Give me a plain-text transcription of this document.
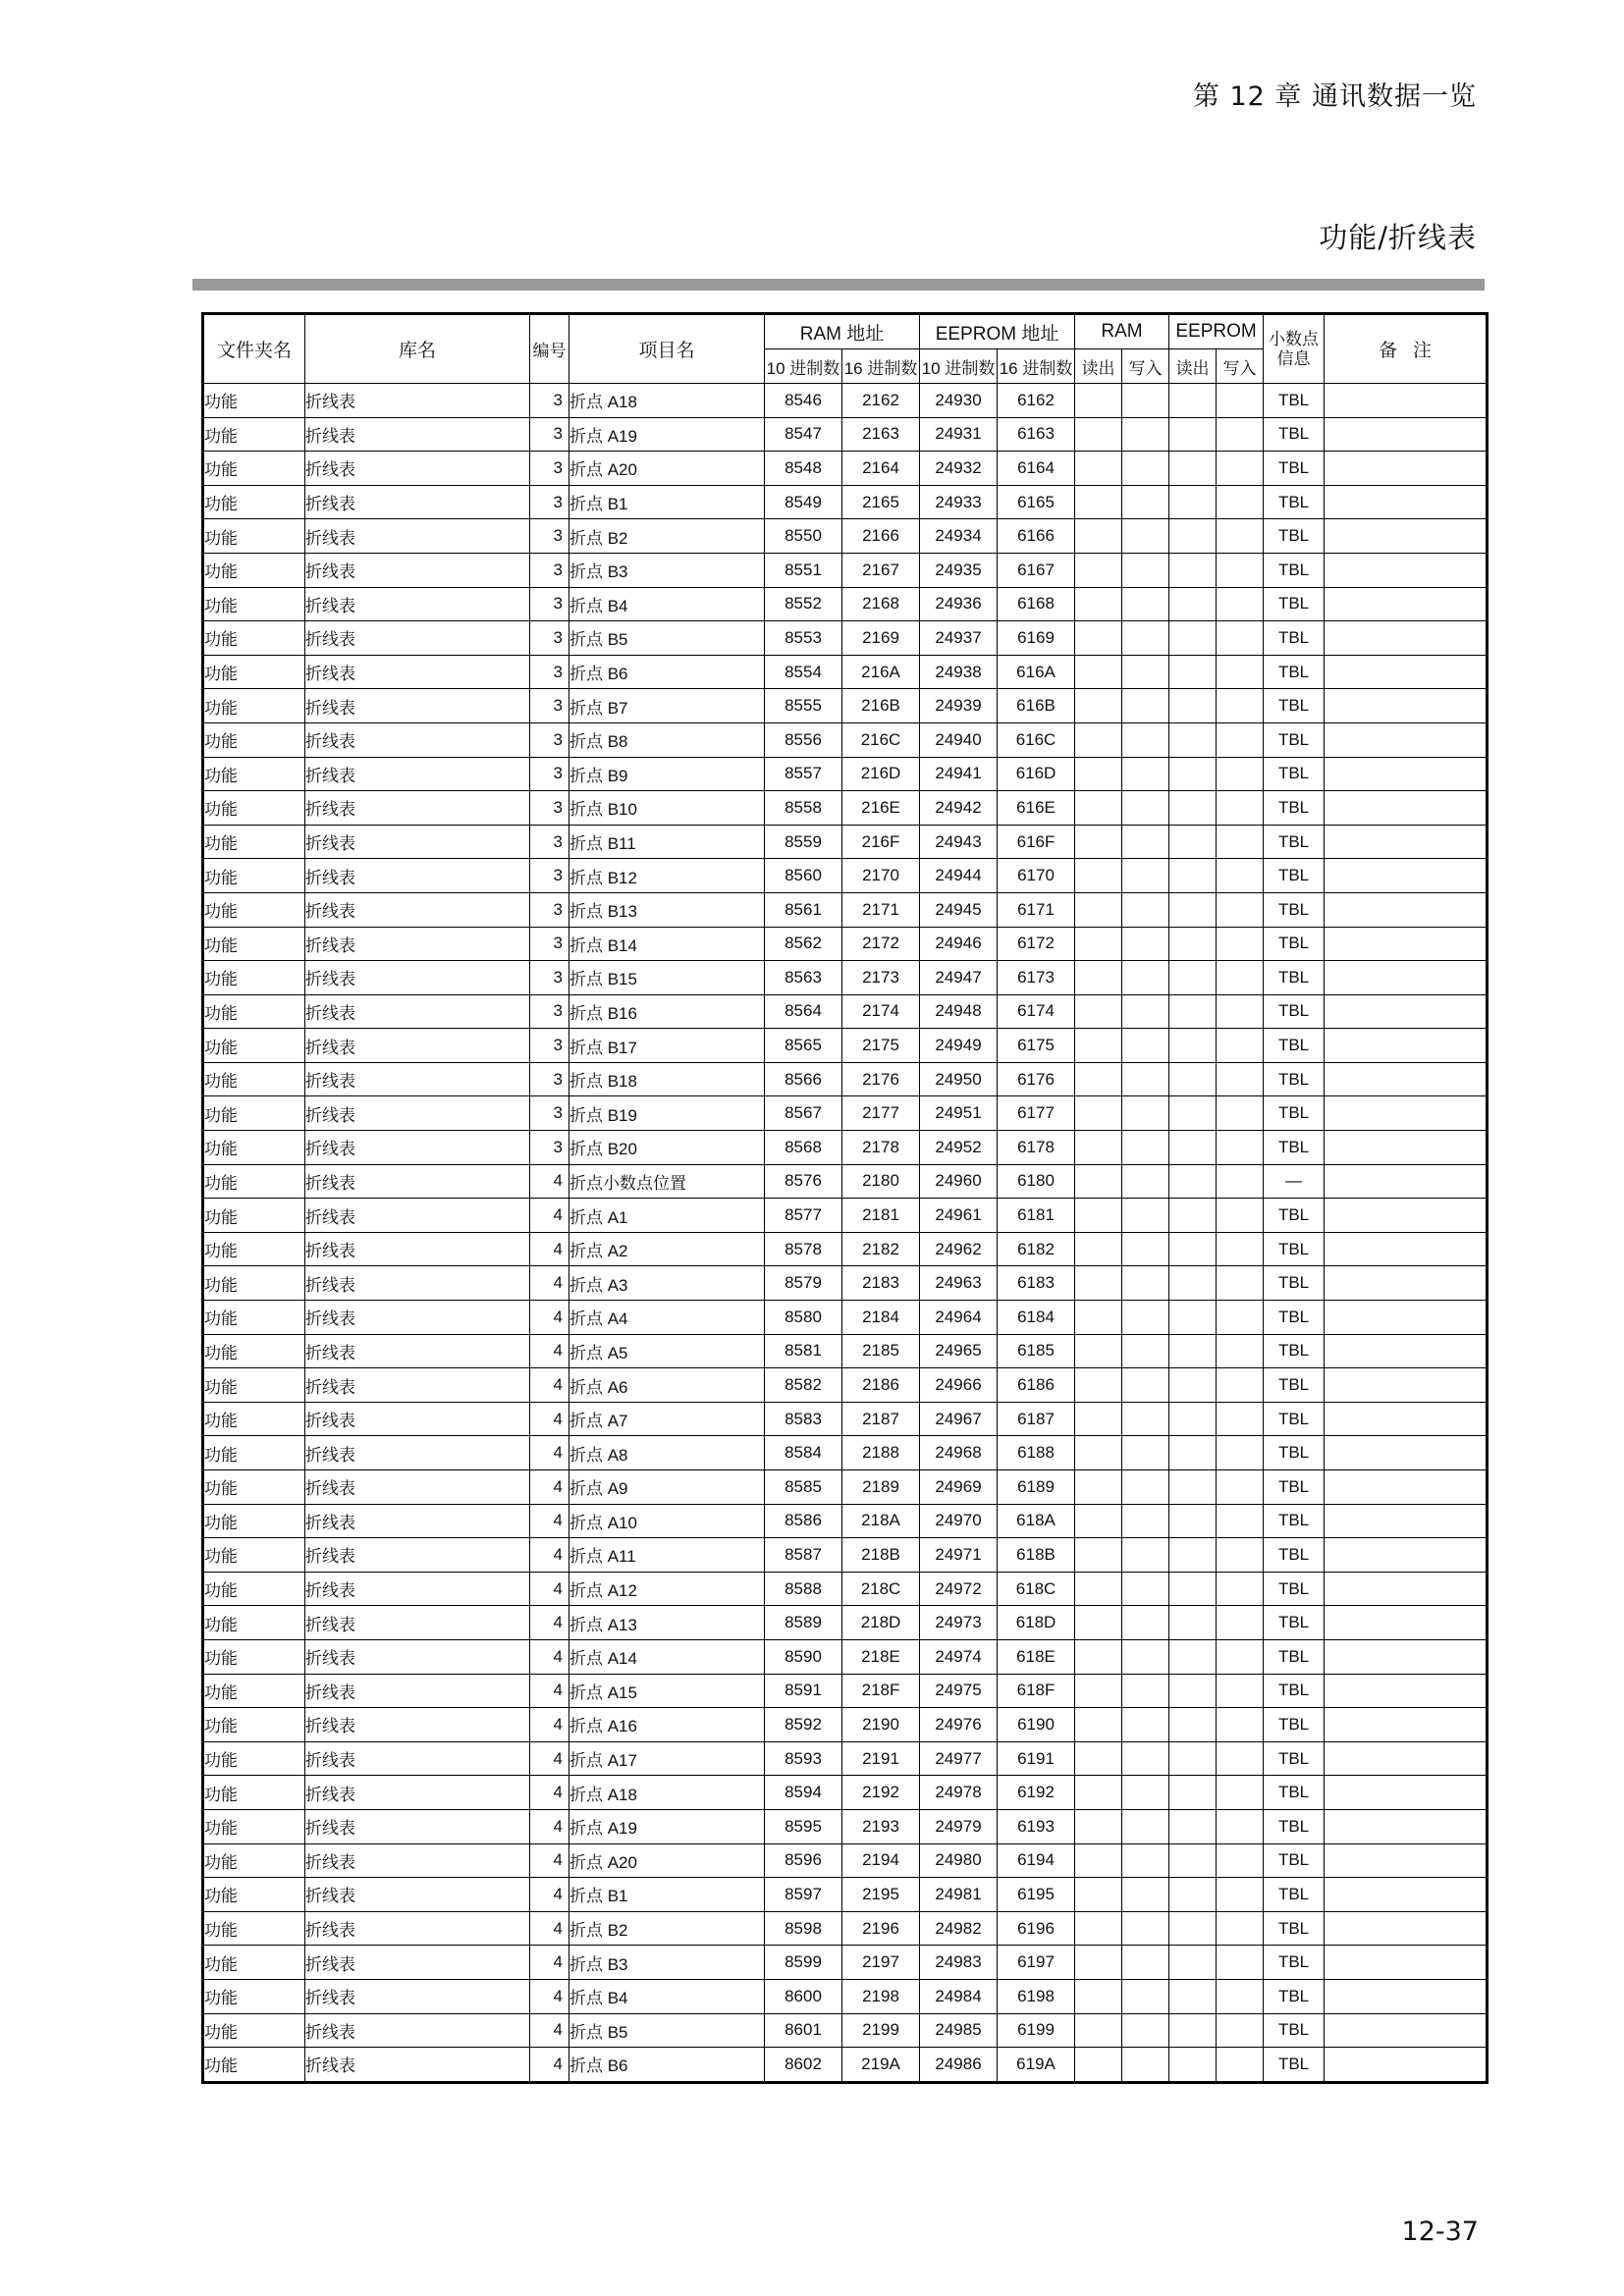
第 12 章 通讯数据一览
功能/折线表
文件夹名	库名	编号	项目名	RAM 地址		EEPROM 地址		RAM		EEPROM		小数点
信息	备   注
				10 进制数	16 进制数	10 进制数	16 进制数	读出	写入	读出	写入		
功能	折线表	3	折点 A18	8546	2162	24930	6162					TBL	
功能	折线表	3	折点 A19	8547	2163	24931	6163					TBL	
功能	折线表	3	折点 A20	8548	2164	24932	6164					TBL	
功能	折线表	3	折点 B1	8549	2165	24933	6165					TBL	
功能	折线表	3	折点 B2	8550	2166	24934	6166					TBL	
功能	折线表	3	折点 B3	8551	2167	24935	6167					TBL	
功能	折线表	3	折点 B4	8552	2168	24936	6168					TBL	
功能	折线表	3	折点 B5	8553	2169	24937	6169					TBL	
功能	折线表	3	折点 B6	8554	216A	24938	616A					TBL	
功能	折线表	3	折点 B7	8555	216B	24939	616B					TBL	
功能	折线表	3	折点 B8	8556	216C	24940	616C					TBL	
功能	折线表	3	折点 B9	8557	216D	24941	616D					TBL	
功能	折线表	3	折点 B10	8558	216E	24942	616E					TBL	
功能	折线表	3	折点 B11	8559	216F	24943	616F					TBL	
功能	折线表	3	折点 B12	8560	2170	24944	6170					TBL	
功能	折线表	3	折点 B13	8561	2171	24945	6171					TBL	
功能	折线表	3	折点 B14	8562	2172	24946	6172					TBL	
功能	折线表	3	折点 B15	8563	2173	24947	6173					TBL	
功能	折线表	3	折点 B16	8564	2174	24948	6174					TBL	
功能	折线表	3	折点 B17	8565	2175	24949	6175					TBL	
功能	折线表	3	折点 B18	8566	2176	24950	6176					TBL	
功能	折线表	3	折点 B19	8567	2177	24951	6177					TBL	
功能	折线表	3	折点 B20	8568	2178	24952	6178					TBL	
功能	折线表	4	折点小数点位置	8576	2180	24960	6180					—	
功能	折线表	4	折点 A1	8577	2181	24961	6181					TBL	
功能	折线表	4	折点 A2	8578	2182	24962	6182					TBL	
功能	折线表	4	折点 A3	8579	2183	24963	6183					TBL	
功能	折线表	4	折点 A4	8580	2184	24964	6184					TBL	
功能	折线表	4	折点 A5	8581	2185	24965	6185					TBL	
功能	折线表	4	折点 A6	8582	2186	24966	6186					TBL	
功能	折线表	4	折点 A7	8583	2187	24967	6187					TBL	
功能	折线表	4	折点 A8	8584	2188	24968	6188					TBL	
功能	折线表	4	折点 A9	8585	2189	24969	6189					TBL	
功能	折线表	4	折点 A10	8586	218A	24970	618A					TBL	
功能	折线表	4	折点 A11	8587	218B	24971	618B					TBL	
功能	折线表	4	折点 A12	8588	218C	24972	618C					TBL	
功能	折线表	4	折点 A13	8589	218D	24973	618D					TBL	
功能	折线表	4	折点 A14	8590	218E	24974	618E					TBL	
功能	折线表	4	折点 A15	8591	218F	24975	618F					TBL	
功能	折线表	4	折点 A16	8592	2190	24976	6190					TBL	
功能	折线表	4	折点 A17	8593	2191	24977	6191					TBL	
功能	折线表	4	折点 A18	8594	2192	24978	6192					TBL	
功能	折线表	4	折点 A19	8595	2193	24979	6193					TBL	
功能	折线表	4	折点 A20	8596	2194	24980	6194					TBL	
功能	折线表	4	折点 B1	8597	2195	24981	6195					TBL	
功能	折线表	4	折点 B2	8598	2196	24982	6196					TBL	
功能	折线表	4	折点 B3	8599	2197	24983	6197					TBL	
功能	折线表	4	折点 B4	8600	2198	24984	6198					TBL	
功能	折线表	4	折点 B5	8601	2199	24985	6199					TBL	
功能	折线表	4	折点 B6	8602	219A	24986	619A					TBL	
12-37
